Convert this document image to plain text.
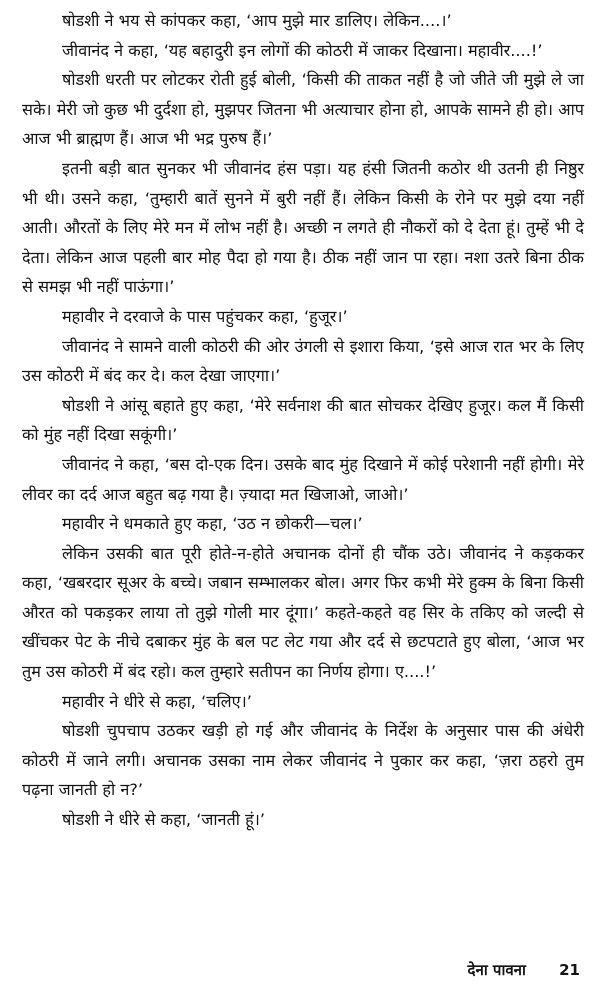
षोडशी ने भय से कांपकर कहा, ‘आप मुझे मार डालिए। लेकिन....।’

जीवानंद ने कहा, ‘यह बहादुरी इन लोगों की कोठरी में जाकर दिखाना। महावीर....!’

षोडशी धरती पर लोटकर रोती हुई बोली, ‘किसी की ताकत नहीं है जो जीते जी मुझे ले जा सके। मेरी जो कुछ भी दुर्दशा हो, मुझपर जितना भी अत्याचार होना हो, आपके सामने ही हो। आप आज भी ब्राह्मण हैं। आज भी भद्र पुरुष हैं।’

इतनी बड़ी बात सुनकर भी जीवानंद हंस पड़ा। यह हंसी जितनी कठोर थी उतनी ही निष्ठुर भी थी। उसने कहा, ‘तुम्हारी बातें सुनने में बुरी नहीं हैं। लेकिन किसी के रोने पर मुझे दया नहीं आती। औरतों के लिए मेरे मन में लोभ नहीं है। अच्छी न लगते ही नौकरों को दे देता हूं। तुम्हें भी दे देता। लेकिन आज पहली बार मोह पैदा हो गया है। ठीक नहीं जान पा रहा। नशा उतरे बिना ठीक से समझ भी नहीं पाऊंगा।’

महावीर ने दरवाजे के पास पहुंचकर कहा, ‘हुजूर।’

जीवानंद ने सामने वाली कोठरी की ओर उंगली से इशारा किया, ‘इसे आज रात भर के लिए उस कोठरी में बंद कर दे। कल देखा जाएगा।’

षोडशी ने आंसू बहाते हुए कहा, ‘मेरे सर्वनाश की बात सोचकर देखिए हुजूर। कल मैं किसी को मुंह नहीं दिखा सकूंगी।’

जीवानंद ने कहा, ‘बस दो-एक दिन। उसके बाद मुंह दिखाने में कोई परेशानी नहीं होगी। मेरे लीवर का दर्द आज बहुत बढ़ गया है। ज़्यादा मत खिजाओ, जाओ।’

महावीर ने धमकाते हुए कहा, ‘उठ न छोकरी—चल।’

लेकिन उसकी बात पूरी होते-न-होते अचानक दोनों ही चौंक उठे। जीवानंद ने कड़ककर कहा, ‘खबरदार सूअर के बच्चे। जबान सम्भालकर बोल। अगर फिर कभी मेरे हुक्म के बिना किसी औरत को पकड़कर लाया तो तुझे गोली मार दूंगा।’ कहते-कहते वह सिर के तकिए को जल्दी से खींचकर पेट के नीचे दबाकर मुंह के बल पट लेट गया और दर्द से छटपटाते हुए बोला, ‘आज भर तुम उस कोठरी में बंद रहो। कल तुम्हारे सतीपन का निर्णय होगा। ए....!’

महावीर ने धीरे से कहा, ‘चलिए।’

षोडशी चुपचाप उठकर खड़ी हो गई और जीवानंद के निर्देश के अनुसार पास की अंधेरी कोठरी में जाने लगी। अचानक उसका नाम लेकर जीवानंद ने पुकार कर कहा, ‘ज़रा ठहरो तुम पढ़ना जानती हो न?’

षोडशी ने धीरे से कहा, ‘जानती हूं।’

देना पावना 21
